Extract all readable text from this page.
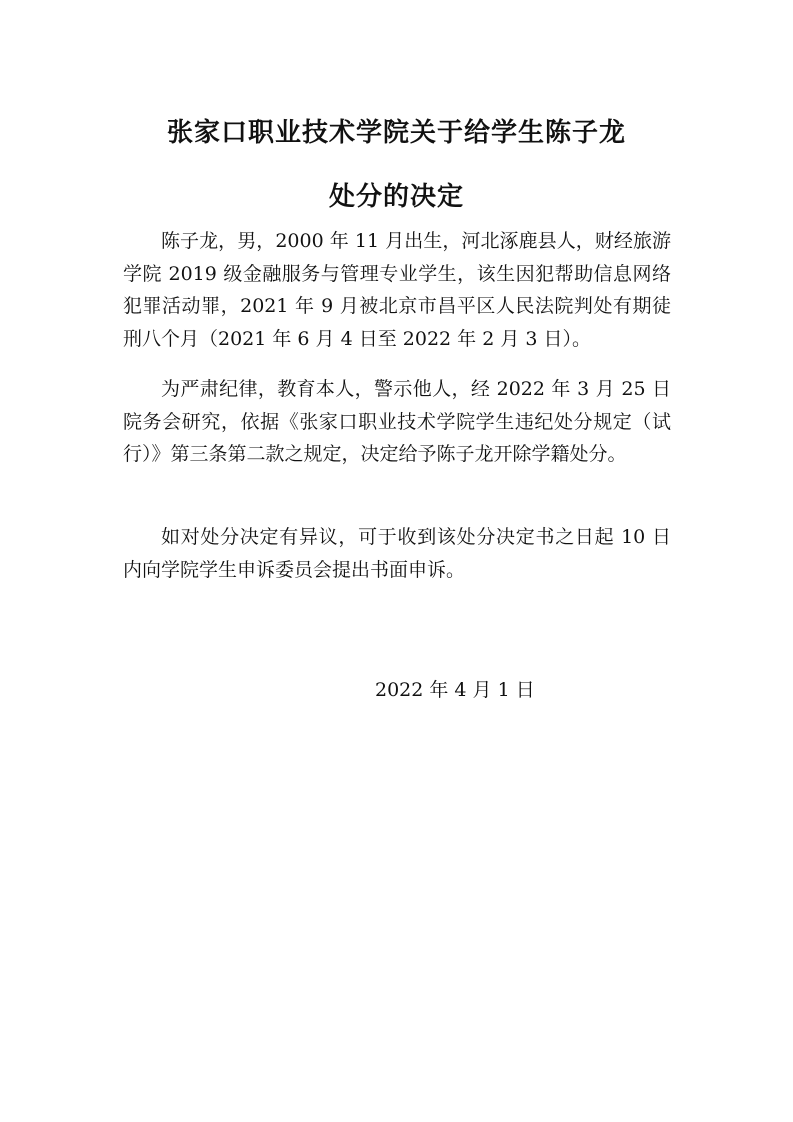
张家口职业技术学院关于给学生陈子龙
处分的决定

陈子龙，男，2000 年 11 月出生，河北涿鹿县人，财经旅游学院 2019 级金融服务与管理专业学生，该生因犯帮助信息网络犯罪活动罪，2021 年 9 月被北京市昌平区人民法院判处有期徒刑八个月（2021 年 6 月 4 日至 2022 年 2 月 3 日）。

为严肃纪律，教育本人，警示他人，经 2022 年 3 月 25 日院务会研究，依据《张家口职业技术学院学生违纪处分规定（试行）》第三条第二款之规定，决定给予陈子龙开除学籍处分。

如对处分决定有异议，可于收到该处分决定书之日起 10 日内向学院学生申诉委员会提出书面申诉。

2022 年 4 月 1 日
